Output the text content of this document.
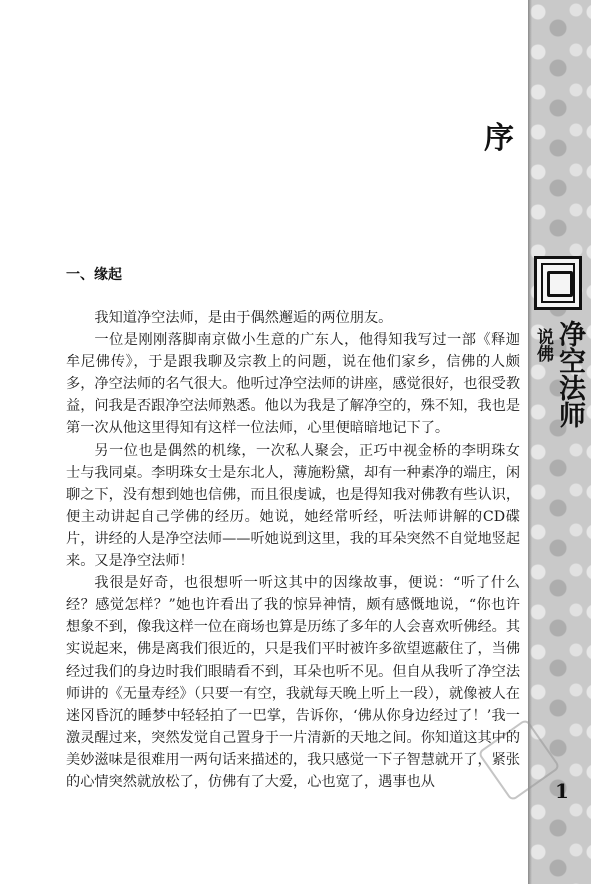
说佛 净空法师
序
一、缘起

我知道净空法师，是由于偶然邂逅的两位朋友。

一位是刚刚落脚南京做小生意的广东人，他得知我写过一部《释迦牟尼佛传》，于是跟我聊及宗教上的问题，说在他们家乡，信佛的人颇多，净空法师的名气很大。他听过净空法师的讲座，感觉很好，也很受教益，问我是否跟净空法师熟悉。他以为我是了解净空的，殊不知，我也是第一次从他这里得知有这样一位法师，心里便暗暗地记下了。

另一位也是偶然的机缘，一次私人聚会，正巧中视金桥的李明珠女士与我同桌。李明珠女士是东北人，薄施粉黛，却有一种素净的端庄，闲聊之下，没有想到她也信佛，而且很虔诚，也是得知我对佛教有些认识，便主动讲起自己学佛的经历。她说，她经常听经，听法师讲解的CD碟片，讲经的人是净空法师——听她说到这里，我的耳朵突然不自觉地竖起来。又是净空法师！

我很是好奇，也很想听一听这其中的因缘故事，便说：“听了什么经？感觉怎样？”她也许看出了我的惊异神情，颇有感慨地说，“你也许想象不到，像我这样一位在商场也算是历练了多年的人会喜欢听佛经。其实说起来，佛是离我们很近的，只是我们平时被许多欲望遮蔽住了，当佛经过我们的身边时我们眼睛看不到，耳朵也听不见。但自从我听了净空法师讲的《无量寿经》（只要一有空，我就每天晚上听上一段），就像被人在迷冈昏沉的睡梦中轻轻拍了一巴掌，告诉你，‘佛从你身边经过了！’我一激灵醒过来，突然发觉自己置身于一片清新的天地之间。你知道这其中的美妙滋味是很难用一两句话来描述的，我只感觉一下子智慧就开了，紧张的心情突然就放松了，仿佛有了大爱，心也宽了，遇事也从	1
